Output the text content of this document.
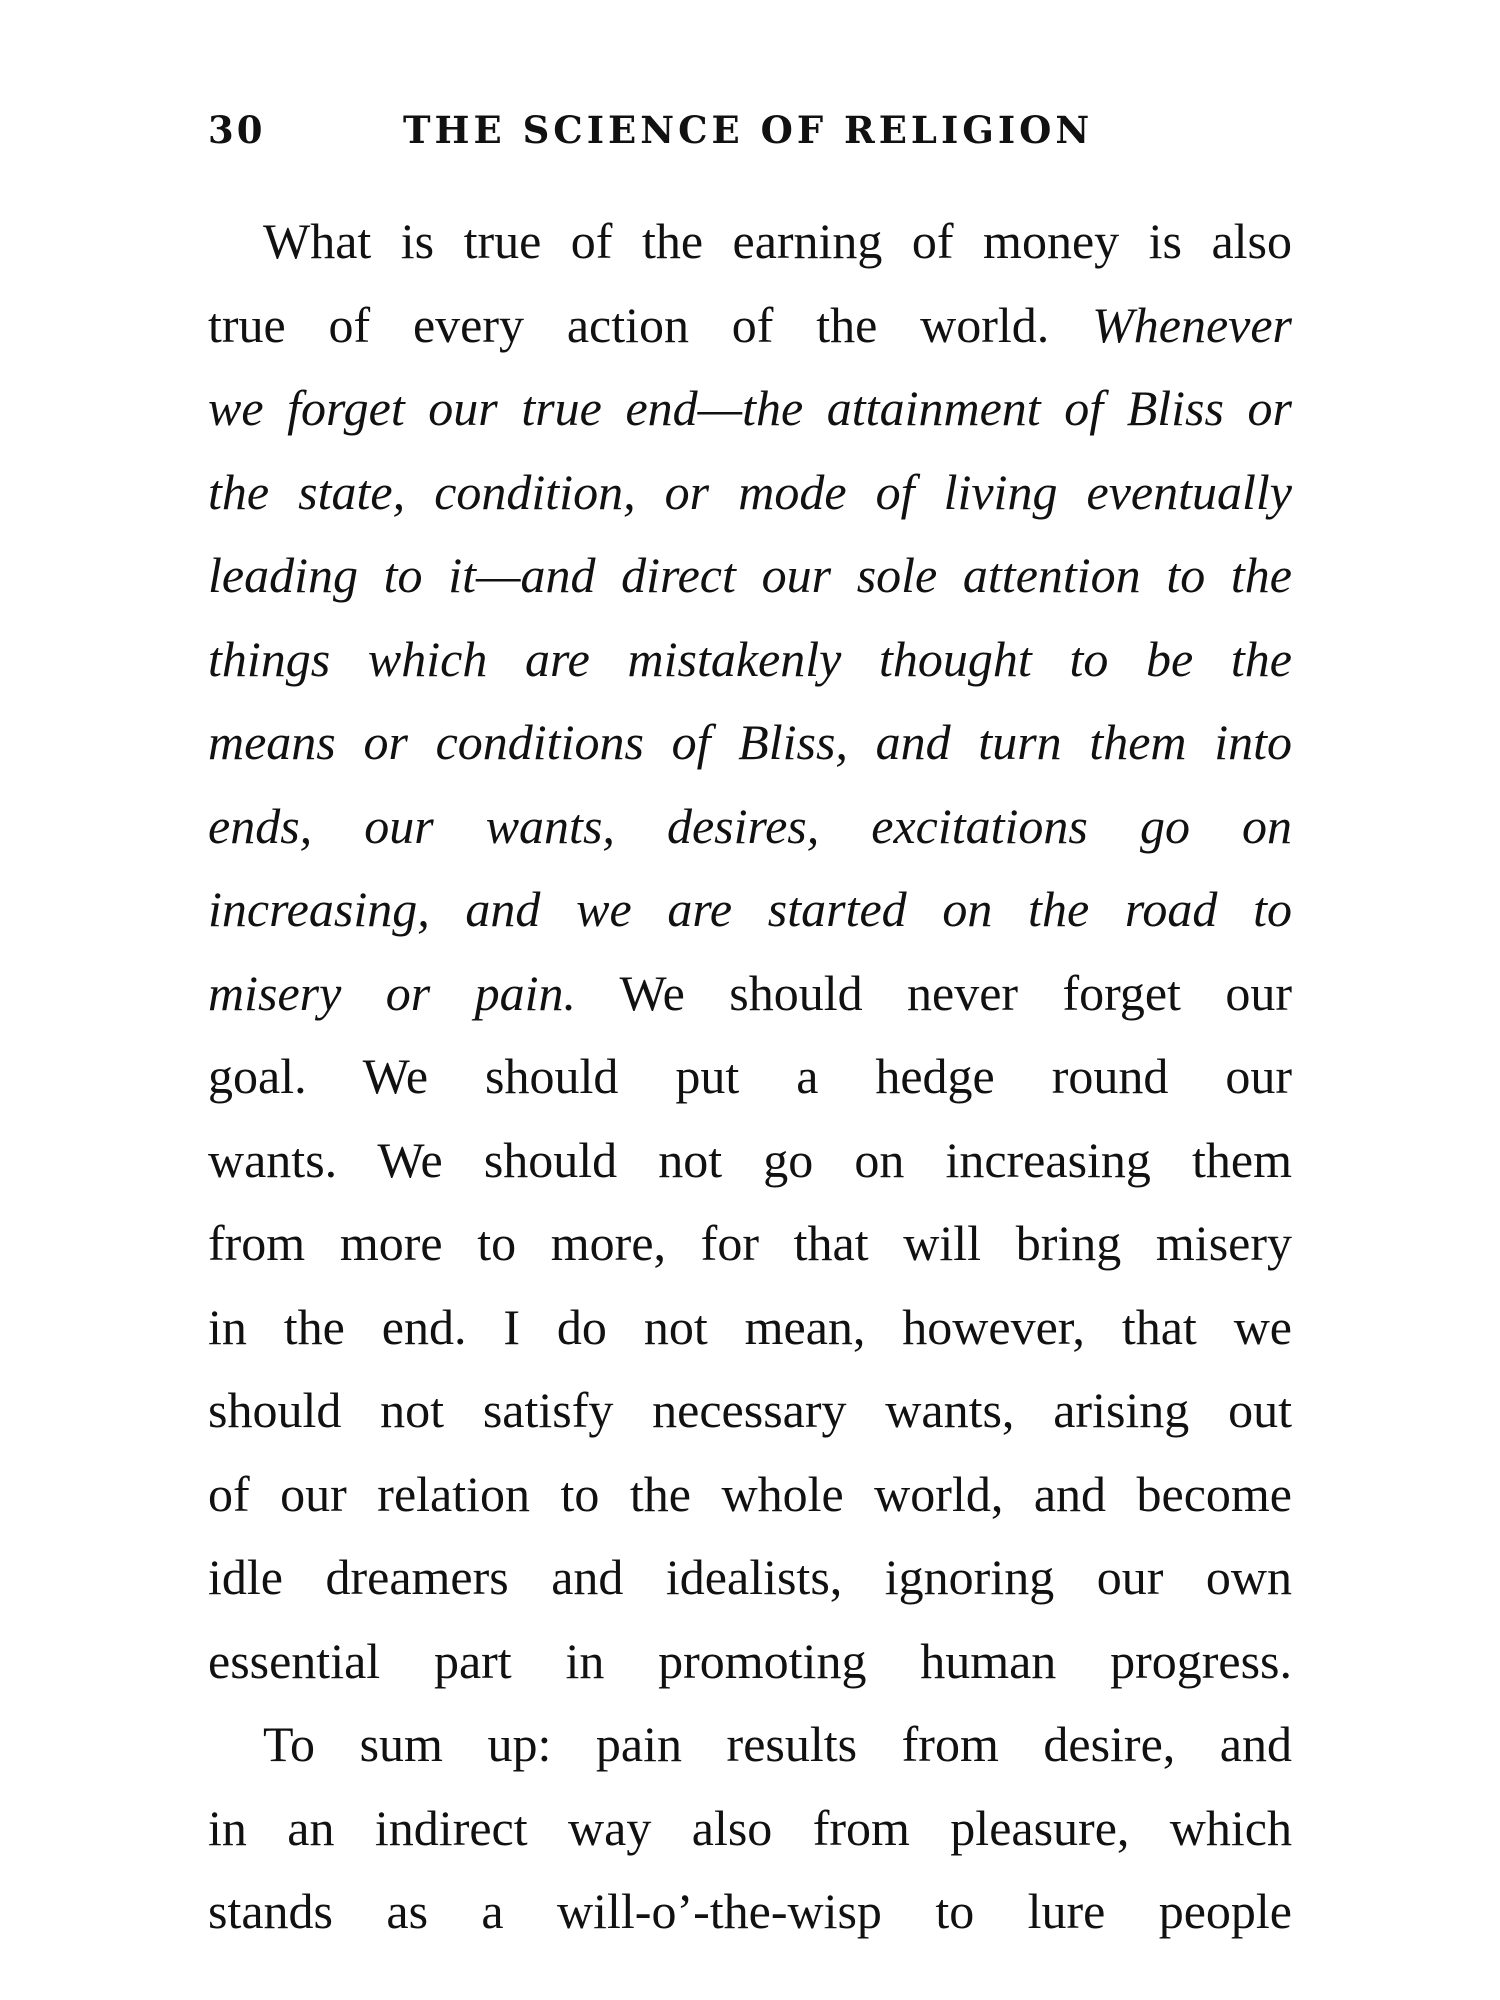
30	THE SCIENCE OF RELIGION
What is true of the earning of money is also
true of every action of the world. Whenever
we forget our true end—the attainment of Bliss or
the state, condition, or mode of living eventually
leading to it—and direct our sole attention to the
things which are mistakenly thought to be the
means or conditions of Bliss, and turn them into
ends, our wants, desires, excitations go on
increasing, and we are started on the road to
misery or pain. We should never forget our
goal. We should put a hedge round our
wants. We should not go on increasing them
from more to more, for that will bring misery
in the end. I do not mean, however, that we
should not satisfy necessary wants, arising out
of our relation to the whole world, and become
idle dreamers and idealists, ignoring our own
essential part in promoting human progress.
To sum up: pain results from desire, and
in an indirect way also from pleasure, which
stands as a will-o’-the-wisp to lure people
